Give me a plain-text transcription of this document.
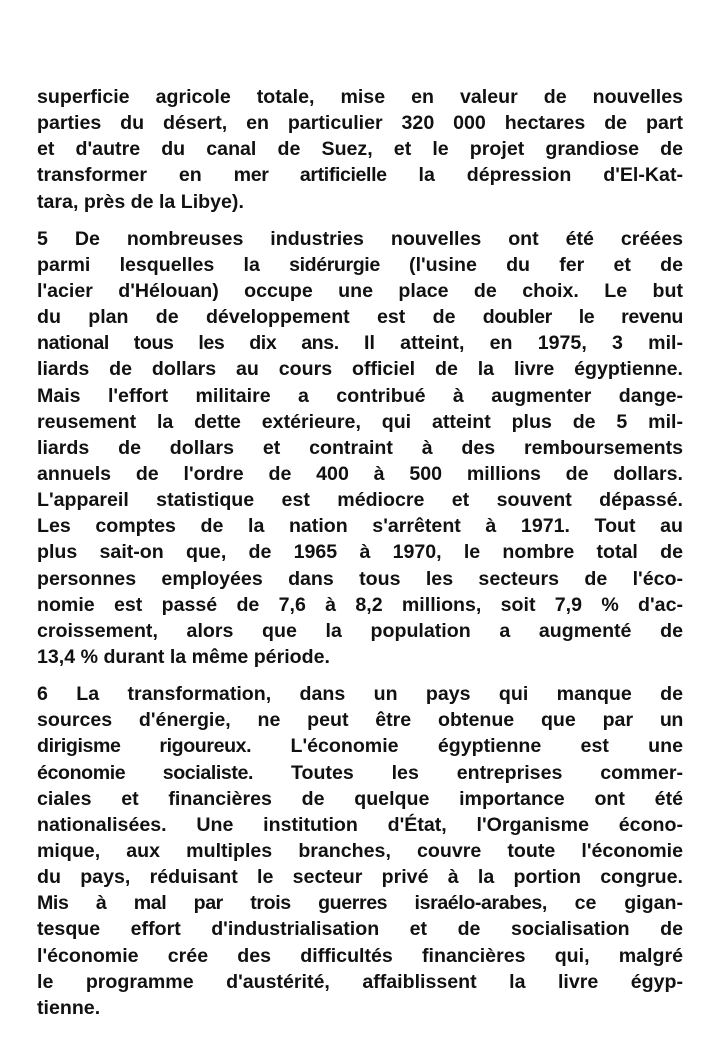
superficie agricole totale, mise en valeur de nouvelles
parties du désert, en particulier 320 000 hectares de part
et d'autre du canal de Suez, et le projet grandiose de
transformer en mer artificielle la dépression d'El-Kat-
tara, près de la Libye).

5 De nombreuses industries nouvelles ont été créées
parmi lesquelles la sidérurgie (l'usine du fer et de
l'acier d'Hélouan) occupe une place de choix. Le but
du plan de développement est de doubler le revenu
national tous les dix ans. Il atteint, en 1975, 3 mil-
liards de dollars au cours officiel de la livre égyptienne.
Mais l'effort militaire a contribué à augmenter dange-
reusement la dette extérieure, qui atteint plus de 5 mil-
liards de dollars et contraint à des remboursements
annuels de l'ordre de 400 à 500 millions de dollars.
L'appareil statistique est médiocre et souvent dépassé.
Les comptes de la nation s'arrêtent à 1971. Tout au
plus sait-on que, de 1965 à 1970, le nombre total de
personnes employées dans tous les secteurs de l'éco-
nomie est passé de 7,6 à 8,2 millions, soit 7,9 % d'ac-
croissement, alors que la population a augmenté de
13,4 % durant la même période.

6 La transformation, dans un pays qui manque de
sources d'énergie, ne peut être obtenue que par un
dirigisme rigoureux. L'économie égyptienne est une
économie socialiste. Toutes les entreprises commer-
ciales et financières de quelque importance ont été
nationalisées. Une institution d'État, l'Organisme écono-
mique, aux multiples branches, couvre toute l'économie
du pays, réduisant le secteur privé à la portion congrue.
Mis à mal par trois guerres israélo-arabes, ce gigan-
tesque effort d'industrialisation et de socialisation de
l'économie crée des difficultés financières qui, malgré
le programme d'austérité, affaiblissent la livre égyp-
tienne.
